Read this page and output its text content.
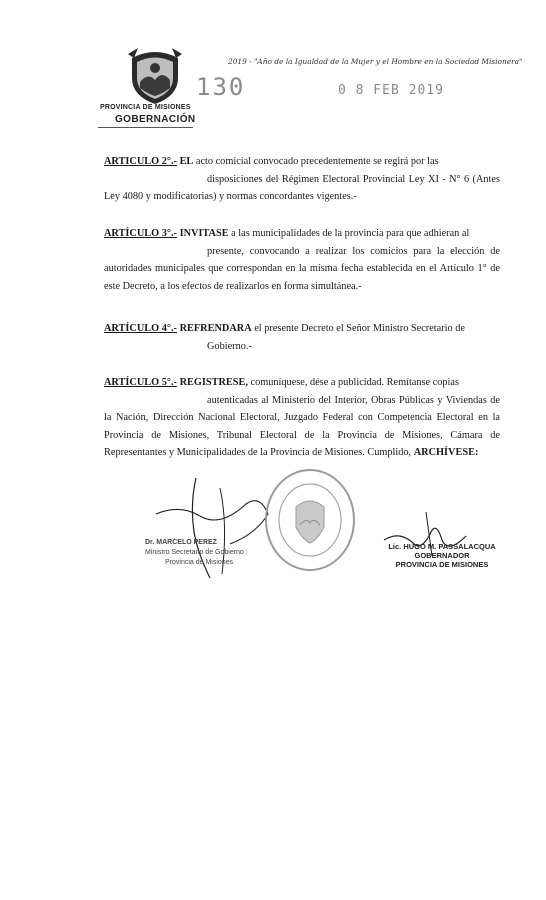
PROVINCIA DE MISIONES
GOBERNACIÓN
130
2019 - "Año de la Igualdad de la Mujer y el Hombre en la Sociedad Misionera"
0 8 FEB 2019
ARTICULO 2°.- EL acto comicial convocado precedentemente se regirá por las
disposiciones del Régimen Electoral Provincial Ley XI - N° 6 (Antes Ley 4080 y modificatorias) y normas concordantes vigentes.-
ARTÍCULO 3°.- INVITASE a las municipalidades de la provincia para que adhieran al
presente, convocando a realizar los comicios para la elección de autoridades municipales que correspondan en la misma fecha establecida en el Artículo 1° de este Decreto, a los efectos de realizarlos en forma simultánea.-
ARTÍCULO 4°.- REFRENDARA el presente Decreto el Señor Ministro Secretario de
Gobierno.-
ARTÍCULO 5°.- REGISTRESE, comuníquese, dése a publicidad. Remítanse copias
autenticadas al Ministerio del Interior, Obras Públicas y Viviendas de la Nación, Dirección Nacional Electoral, Juzgado Federal con Competencia Electoral en la Provincia de Misiones, Tribunal Electoral de la Provincia de Misiones, Cámara de Representantes y Municipalidades de la Provincia de Misiones. Cumplido, ARCHÍVESE:
Dr. MARCELO PEREZ
Ministro Secretario de Gobierno
Provincia de Misiones
Lic. HUGO M. PASSALACQUA
GOBERNADOR
PROVINCIA DE MISIONES
